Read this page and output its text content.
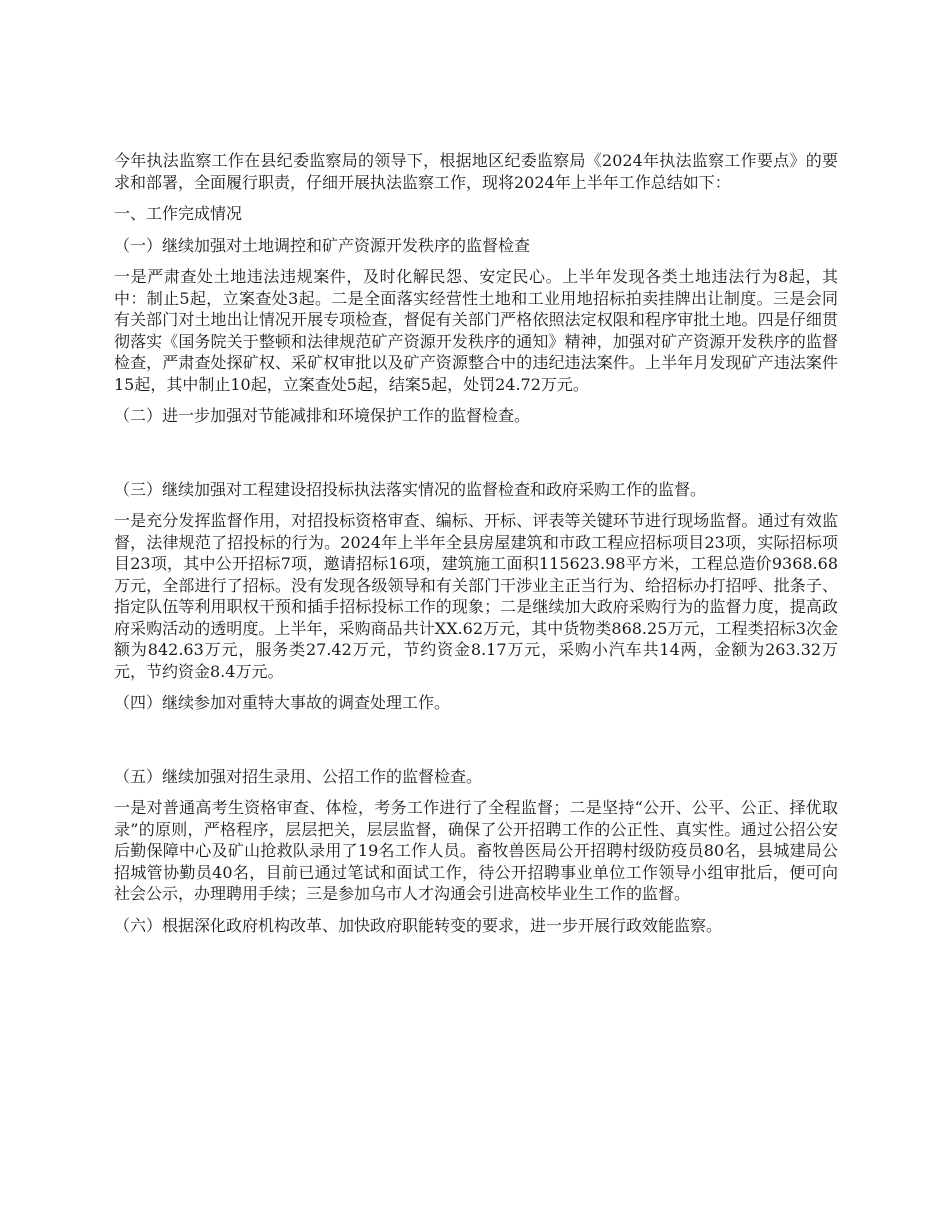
今年执法监察工作在县纪委监察局的领导下，根据地区纪委监察局《2024年执法监察工作要点》的要求和部署，全面履行职责，仔细开展执法监察工作，现将2024年上半年工作总结如下：

一、工作完成情况

（一）继续加强对土地调控和矿产资源开发秩序的监督检查

一是严肃查处土地违法违规案件，及时化解民怨、安定民心。上半年发现各类土地违法行为8起，其中：制止5起，立案查处3起。二是全面落实经营性土地和工业用地招标拍卖挂牌出让制度。三是会同有关部门对土地出让情况开展专项检查，督促有关部门严格依照法定权限和程序审批土地。四是仔细贯彻落实《国务院关于整顿和法律规范矿产资源开发秩序的通知》精神，加强对矿产资源开发秩序的监督检查，严肃查处探矿权、采矿权审批以及矿产资源整合中的违纪违法案件。上半年月发现矿产违法案件15起，其中制止10起，立案查处5起，结案5起，处罚24.72万元。

（二）进一步加强对节能减排和环境保护工作的监督检查。

（三）继续加强对工程建设招投标执法落实情况的监督检查和政府采购工作的监督。

一是充分发挥监督作用，对招投标资格审查、编标、开标、评表等关键环节进行现场监督。通过有效监督，法律规范了招投标的行为。2024年上半年全县房屋建筑和市政工程应招标项目23项，实际招标项目23项，其中公开招标7项，邀请招标16项，建筑施工面积115623.98平方米，工程总造价9368.68万元，全部进行了招标。没有发现各级领导和有关部门干涉业主正当行为、给招标办打招呼、批条子、指定队伍等利用职权干预和插手招标投标工作的现象；二是继续加大政府采购行为的监督力度，提高政府采购活动的透明度。上半年，采购商品共计XX.62万元，其中货物类868.25万元，工程类招标3次金额为842.63万元，服务类27.42万元，节约资金8.17万元，采购小汽车共14两，金额为263.32万元，节约资金8.4万元。

（四）继续参加对重特大事故的调查处理工作。

（五）继续加强对招生录用、公招工作的监督检查。

一是对普通高考生资格审查、体检，考务工作进行了全程监督；二是坚持“公开、公平、公正、择优取录”的原则，严格程序，层层把关，层层监督，确保了公开招聘工作的公正性、真实性。通过公招公安后勤保障中心及矿山抢救队录用了19名工作人员。畜牧兽医局公开招聘村级防疫员80名，县城建局公招城管协勤员40名，目前已通过笔试和面试工作，待公开招聘事业单位工作领导小组审批后，便可向社会公示，办理聘用手续；三是参加乌市人才沟通会引进高校毕业生工作的监督。

（六）根据深化政府机构改革、加快政府职能转变的要求，进一步开展行政效能监察。
